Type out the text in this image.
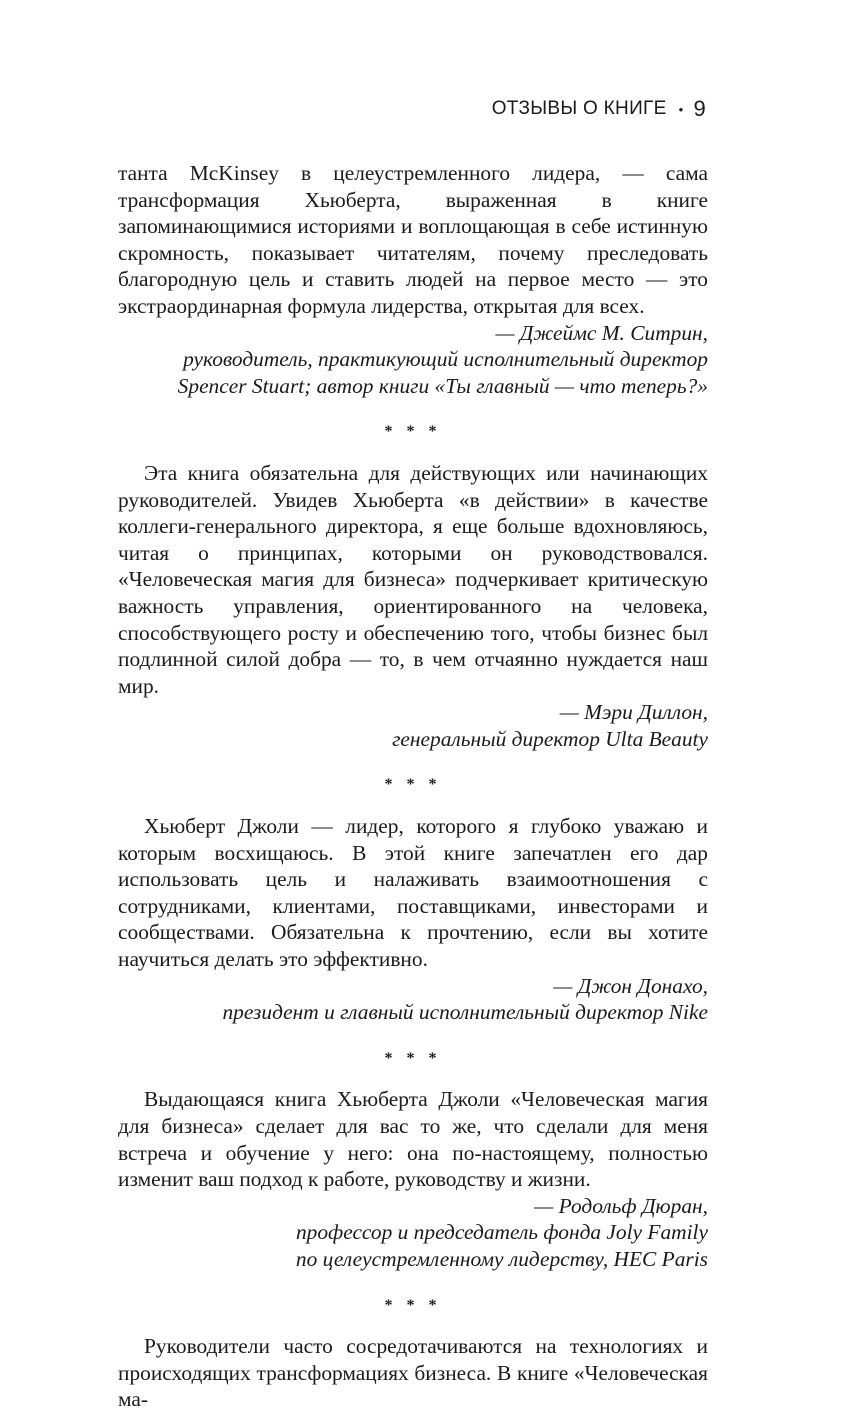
ОТЗЫВЫ О КНИГЕ • 9

танта McKinsey в целеустремленного лидера, — сама трансформация Хьюберта, выраженная в книге запоминающимися историями и воплощающая в себе истинную скромность, показывает читателям, почему преследовать благородную цель и ставить людей на первое место — это экстраординарная формула лидерства, открытая для всех.

— Джеймс М. Ситрин,
руководитель, практикующий исполнительный директор
Spencer Stuart; автор книги «Ты главный — что теперь?»
* * *

Эта книга обязательна для действующих или начинающих руководителей. Увидев Хьюберта «в действии» в качестве коллеги-генерального директора, я еще больше вдохновляюсь, читая о принципах, которыми он руководствовался. «Человеческая магия для бизнеса» подчеркивает критическую важность управления, ориентированного на человека, способствующего росту и обеспечению того, чтобы бизнес был подлинной силой добра — то, в чем отчаянно нуждается наш мир.

— Мэри Диллон,
генеральный директор Ulta Beauty
* * *

Хьюберт Джоли — лидер, которого я глубоко уважаю и которым восхищаюсь. В этой книге запечатлен его дар использовать цель и налаживать взаимоотношения с сотрудниками, клиентами, поставщиками, инвесторами и сообществами. Обязательна к прочтению, если вы хотите научиться делать это эффективно.

— Джон Донахо,
президент и главный исполнительный директор Nike
* * *

Выдающаяся книга Хьюберта Джоли «Человеческая магия для бизнеса» сделает для вас то же, что сделали для меня встреча и обучение у него: она по-настоящему, полностью изменит ваш подход к работе, руководству и жизни.

— Родольф Дюран,
профессор и председатель фонда Joly Family
по целеустремленному лидерству, HEC Paris
* * *

Руководители часто сосредотачиваются на технологиях и происходящих трансформациях бизнеса. В книге «Человеческая ма-
